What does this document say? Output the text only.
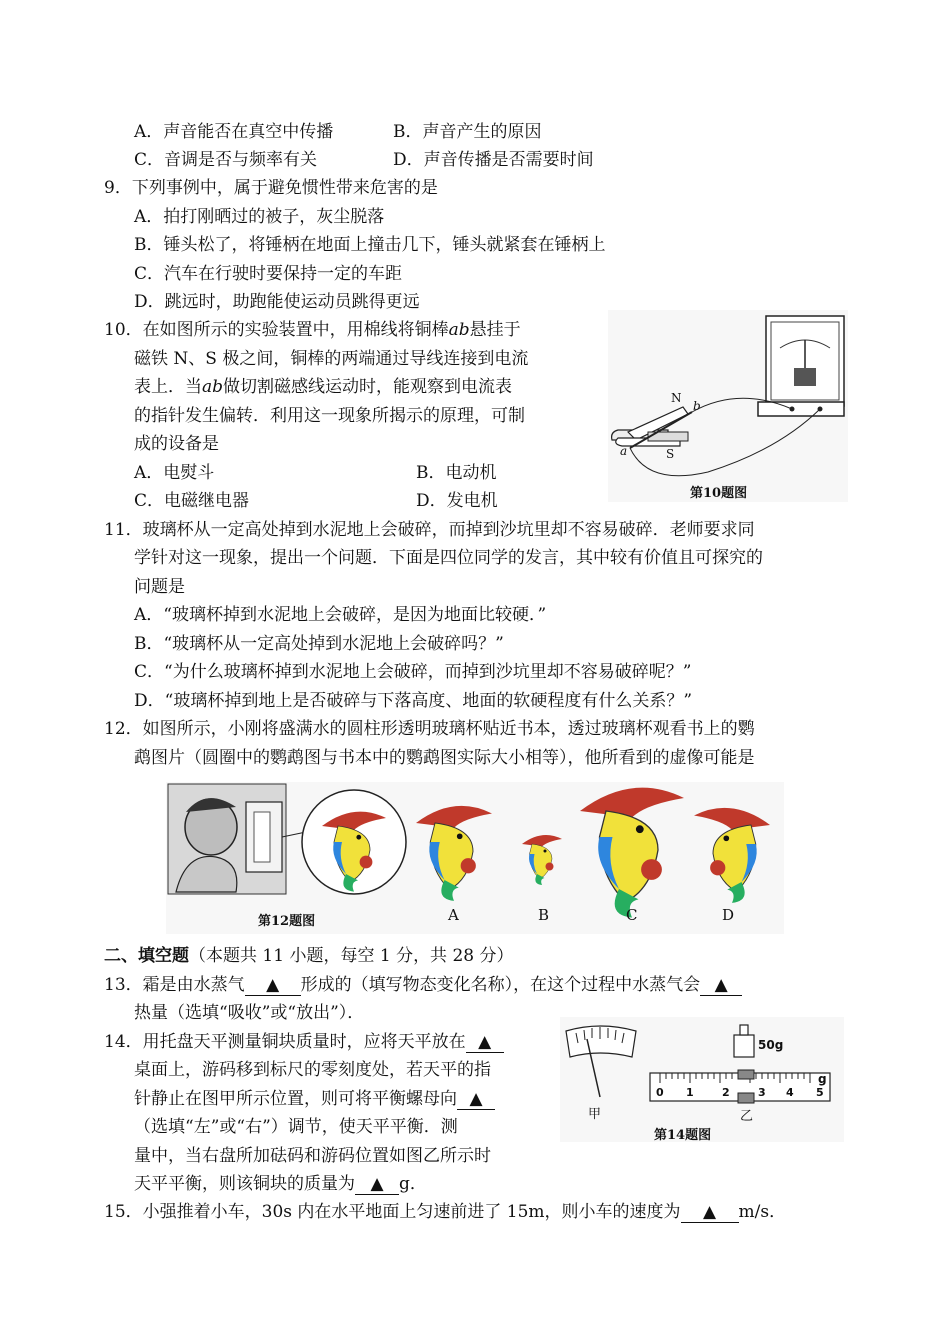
A．声音能否在真空中传播	B．声音产生的原因
C．音调是否与频率有关	D．声音传播是否需要时间
9．下列事例中，属于避免惯性带来危害的是
A．拍打刚晒过的被子，灰尘脱落
B．锤头松了，将锤柄在地面上撞击几下，锤头就紧套在锤柄上
C．汽车在行驶时要保持一定的车距
D．跳远时，助跑能使运动员跳得更远
10．在如图所示的实验装置中，用棉线将铜棒ab悬挂于
磁铁 N、S 极之间，铜棒的两端通过导线连接到电流
表上．当ab做切割磁感线运动时，能观察到电流表
的指针发生偏转．利用这一现象所揭示的原理，可制
成的设备是
A．电熨斗	B．电动机
C．电磁继电器	D．发电机
N
S
a
b
第10题图
11．玻璃杯从一定高处掉到水泥地上会破碎，而掉到沙坑里却不容易破碎．老师要求同
学针对这一现象，提出一个问题．下面是四位同学的发言，其中较有价值且可探究的
问题是
A．“玻璃杯掉到水泥地上会破碎，是因为地面比较硬．”
B．“玻璃杯从一定高处掉到水泥地上会破碎吗？”
C．“为什么玻璃杯掉到水泥地上会破碎，而掉到沙坑里却不容易破碎呢？”
D．“玻璃杯掉到地上是否破碎与下落高度、地面的软硬程度有什么关系？”
12．如图所示，小刚将盛满水的圆柱形透明玻璃杯贴近书本，透过玻璃杯观看书上的鹦
鹉图片（圆圈中的鹦鹉图与书本中的鹦鹉图实际大小相等），他所看到的虚像可能是
第12题图	A	B	C	D
二、填空题（本题共 11 小题，每空 1 分，共 28 分）
13．霜是由水蒸气 ▲ 形成的（填写物态变化名称），在这个过程中水蒸气会 ▲
热量（选填“吸收”或“放出”）．
14．用托盘天平测量铜块质量时，应将天平放在 ▲
桌面上，游码移到标尺的零刻度处，若天平的指
针静止在图甲所示位置，则可将平衡螺母向 ▲
（选填“左”或“右”）调节，使天平平衡．测
量中，当右盘所加砝码和游码位置如图乙所示时
天平平衡，则该铜块的质量为 ▲ g．
50g
g
0 1	2	3 4 5
甲	乙
第14题图
15．小强推着小车，30s 内在水平地面上匀速前进了 15m，则小车的速度为 ▲ m/s．
